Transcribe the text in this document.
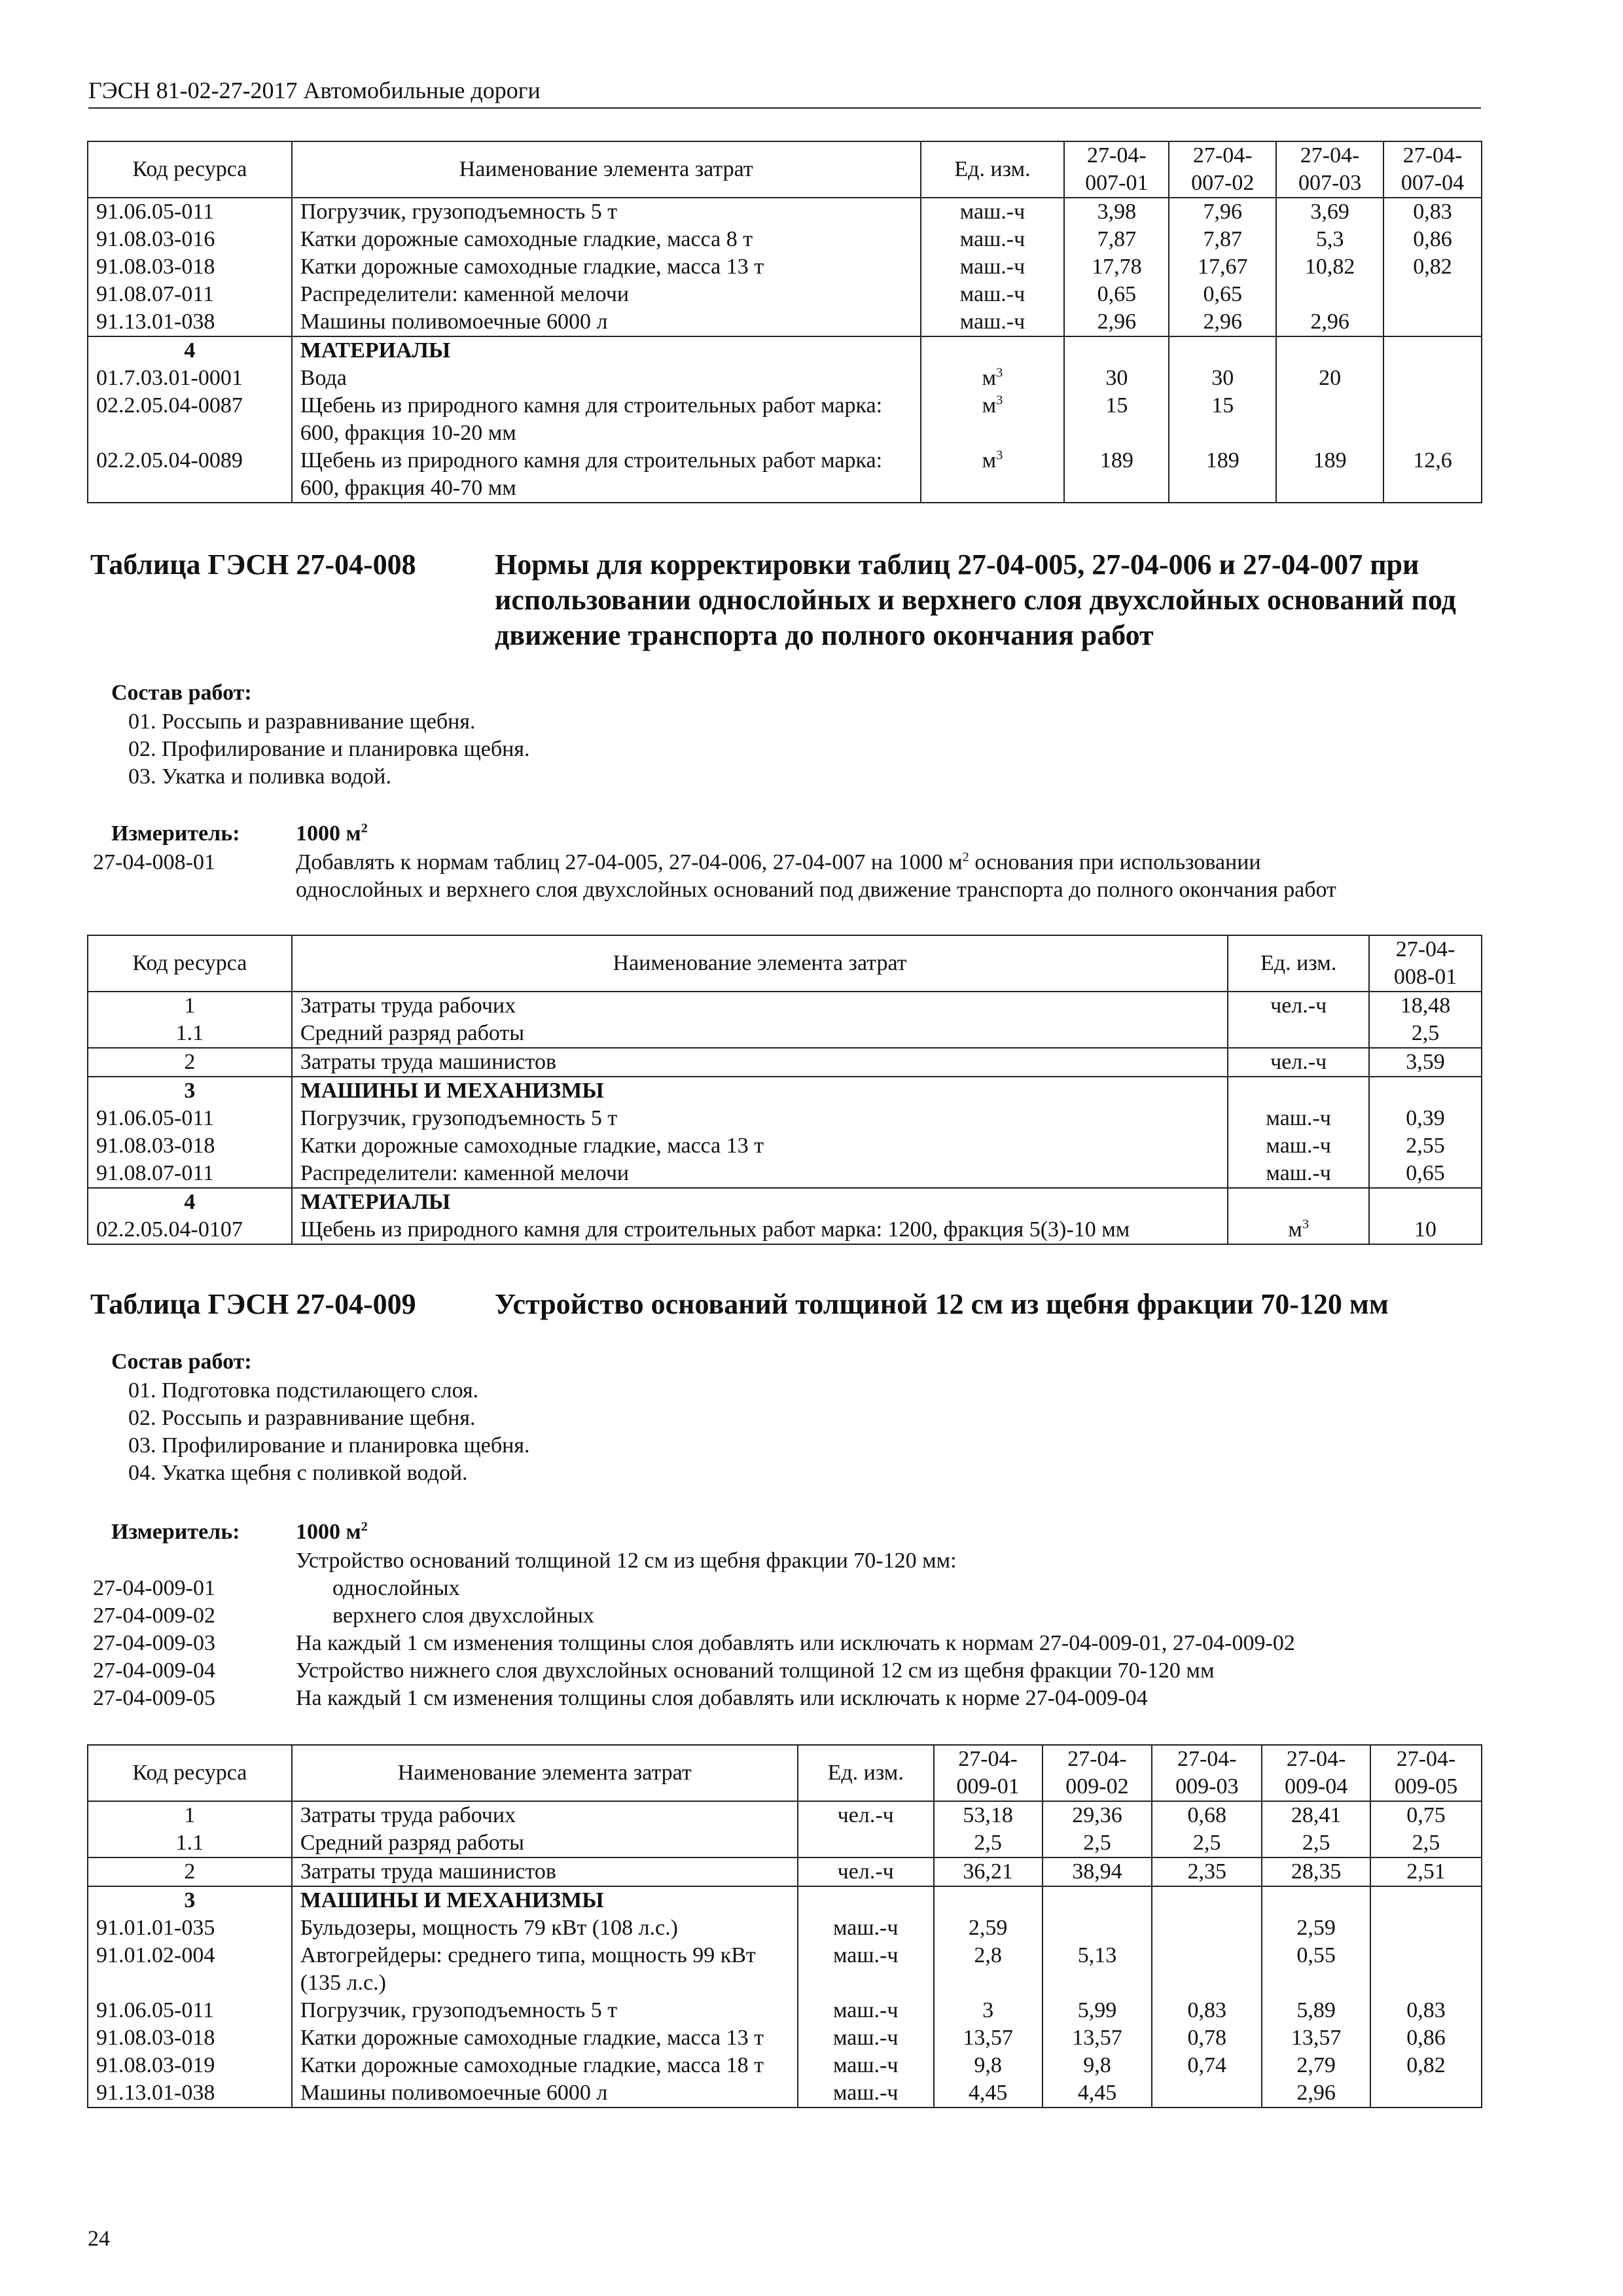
ГЭСН 81-02-27-2017 Автомобильные дороги
Код ресурса	Наименование элемента затрат	Ед. изм.	27-04-
007-01	27-04-
007-02	27-04-
007-03	27-04-
007-04
91.06.05-011	Погрузчик, грузоподъемность 5 т	маш.-ч	3,98	7,96	3,69	0,83
91.08.03-016	Катки дорожные самоходные гладкие, масса 8 т	маш.-ч	7,87	7,87	5,3	0,86
91.08.03-018	Катки дорожные самоходные гладкие, масса 13 т	маш.-ч	17,78	17,67	10,82	0,82
91.08.07-011	Распределители: каменной мелочи	маш.-ч	0,65	0,65		
91.13.01-038	Машины поливомоечные 6000 л	маш.-ч	2,96	2,96	2,96	
4	МАТЕРИАЛЫ					
01.7.03.01-0001	Вода	$м^3$	30	30	20	
02.2.05.04-0087	Щебень из природного камня для строительных работ марка: 600, фракция 10-20 мм	$м^3$	15	15		
02.2.05.04-0089	Щебень из природного камня для строительных работ марка: 600, фракция 40-70 мм	$м^3$	189	189	189	12,6
Таблица ГЭСН 27-04-008	Нормы для корректировки таблиц 27-04-005, 27-04-006 и 27-04-007 при использовании однослойных и верхнего слоя двухслойных оснований под движение транспорта до полного окончания работ
Состав работ:
01. Россыпь и разравнивание щебня.
02. Профилирование и планировка щебня.
03. Укатка и поливка водой.
Измеритель:	1000 $м^2$
27-04-008-01	Добавлять к нормам таблиц 27-04-005, 27-04-006, 27-04-007 на 1000 $м^2$ основания при использовании
однослойных и верхнего слоя двухслойных оснований под движение транспорта до полного окончания работ
Код ресурса	Наименование элемента затрат	Ед. изм.	27-04-
008-01
1	Затраты труда рабочих	чел.-ч	18,48
1.1	Средний разряд работы		2,5
2	Затраты труда машинистов	чел.-ч	3,59
3	МАШИНЫ И МЕХАНИЗМЫ		
91.06.05-011	Погрузчик, грузоподъемность 5 т	маш.-ч	0,39
91.08.03-018	Катки дорожные самоходные гладкие, масса 13 т	маш.-ч	2,55
91.08.07-011	Распределители: каменной мелочи	маш.-ч	0,65
4	МАТЕРИАЛЫ		
02.2.05.04-0107	Щебень из природного камня для строительных работ марка: 1200, фракция 5(3)-10 мм	$м^3$	10
Таблица ГЭСН 27-04-009	Устройство оснований толщиной 12 см из щебня фракции 70-120 мм
Состав работ:
01. Подготовка подстилающего слоя.
02. Россыпь и разравнивание щебня.
03. Профилирование и планировка щебня.
04. Укатка щебня с поливкой водой.
Измеритель:	1000 $м^2$
Устройство оснований толщиной 12 см из щебня фракции 70-120 мм:
27-04-009-01	однослойных
27-04-009-02	верхнего слоя двухслойных
27-04-009-03	На каждый 1 см изменения толщины слоя добавлять или исключать к нормам 27-04-009-01, 27-04-009-02
27-04-009-04	Устройство нижнего слоя двухслойных оснований толщиной 12 см из щебня фракции 70-120 мм
27-04-009-05	На каждый 1 см изменения толщины слоя добавлять или исключать к норме 27-04-009-04
Код ресурса	Наименование элемента затрат	Ед. изм.	27-04-
009-01	27-04-
009-02	27-04-
009-03	27-04-
009-04	27-04-
009-05
1	Затраты труда рабочих	чел.-ч	53,18	29,36	0,68	28,41	0,75
1.1	Средний разряд работы		2,5	2,5	2,5	2,5	2,5
2	Затраты труда машинистов	чел.-ч	36,21	38,94	2,35	28,35	2,51
3	МАШИНЫ И МЕХАНИЗМЫ						
91.01.01-035	Бульдозеры, мощность 79 кВт (108 л.с.)	маш.-ч	2,59			2,59	
91.01.02-004	Автогрейдеры: среднего типа, мощность 99 кВт (135 л.с.)	маш.-ч	2,8	5,13		0,55	
91.06.05-011	Погрузчик, грузоподъемность 5 т	маш.-ч	3	5,99	0,83	5,89	0,83
91.08.03-018	Катки дорожные самоходные гладкие, масса 13 т	маш.-ч	13,57	13,57	0,78	13,57	0,86
91.08.03-019	Катки дорожные самоходные гладкие, масса 18 т	маш.-ч	9,8	9,8	0,74	2,79	0,82
91.13.01-038	Машины поливомоечные 6000 л	маш.-ч	4,45	4,45		2,96	
24
